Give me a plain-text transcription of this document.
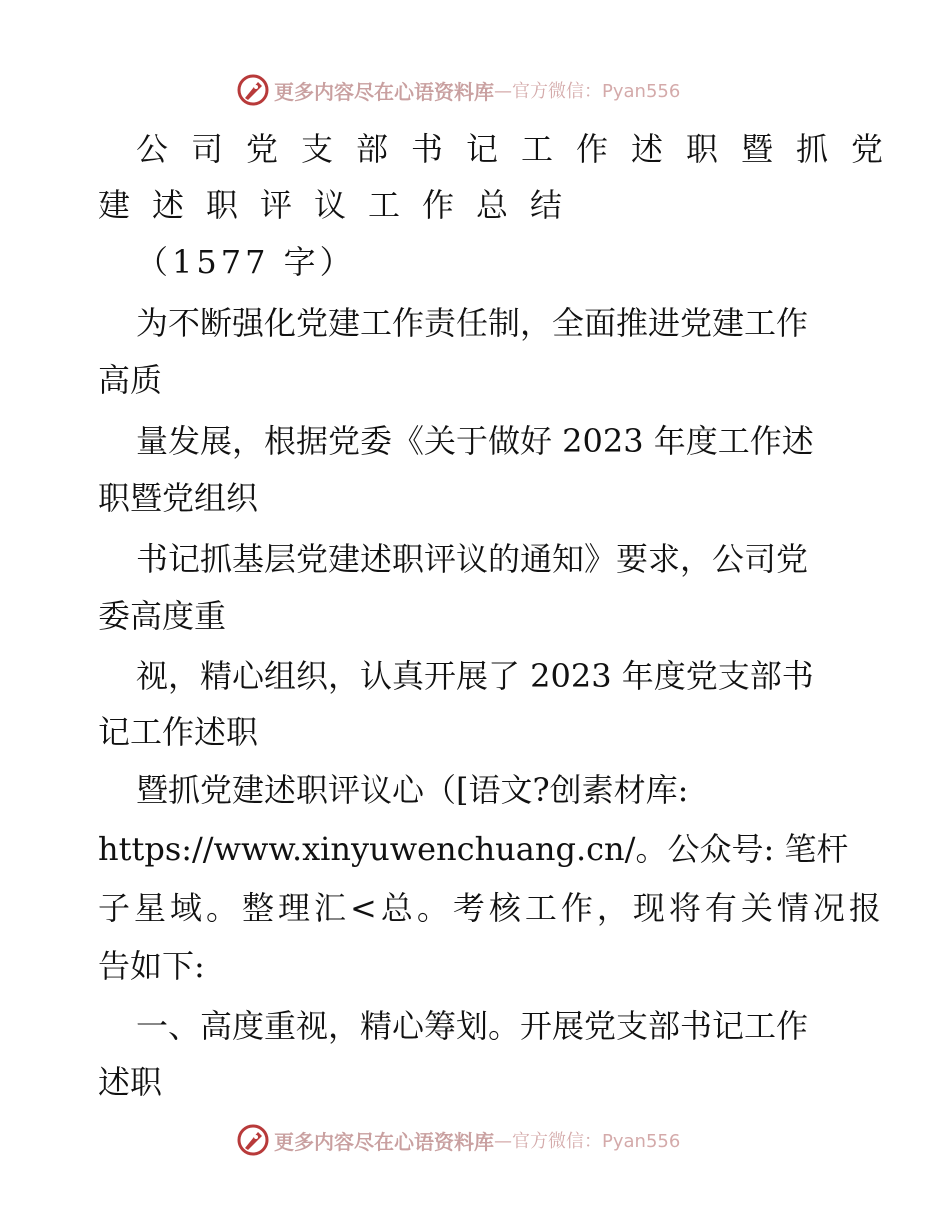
更多内容尽在心语资料库 —官方微信：Pyan556
公司党支部书记工作述职暨抓党
建述职评议工作总结
（1577 字）
为不断强化党建工作责任制，全面推进党建工作
高质
量发展，根据党委《关于做好 2023 年度工作述
职暨党组织
书记抓基层党建述职评议的通知》要求，公司党
委高度重
视，精心组织，认真开展了 2023 年度党支部书
记工作述职
暨抓党建述职评议心（[语文?创素材库:
https://www.xinyuwenchuang.cn/。公众号: 笔杆
子星域。整理汇<总。考核工作，现将有关情况报
告如下:
一、高度重视，精心筹划。开展党支部书记工作
述职
更多内容尽在心语资料库 —官方微信：Pyan556
